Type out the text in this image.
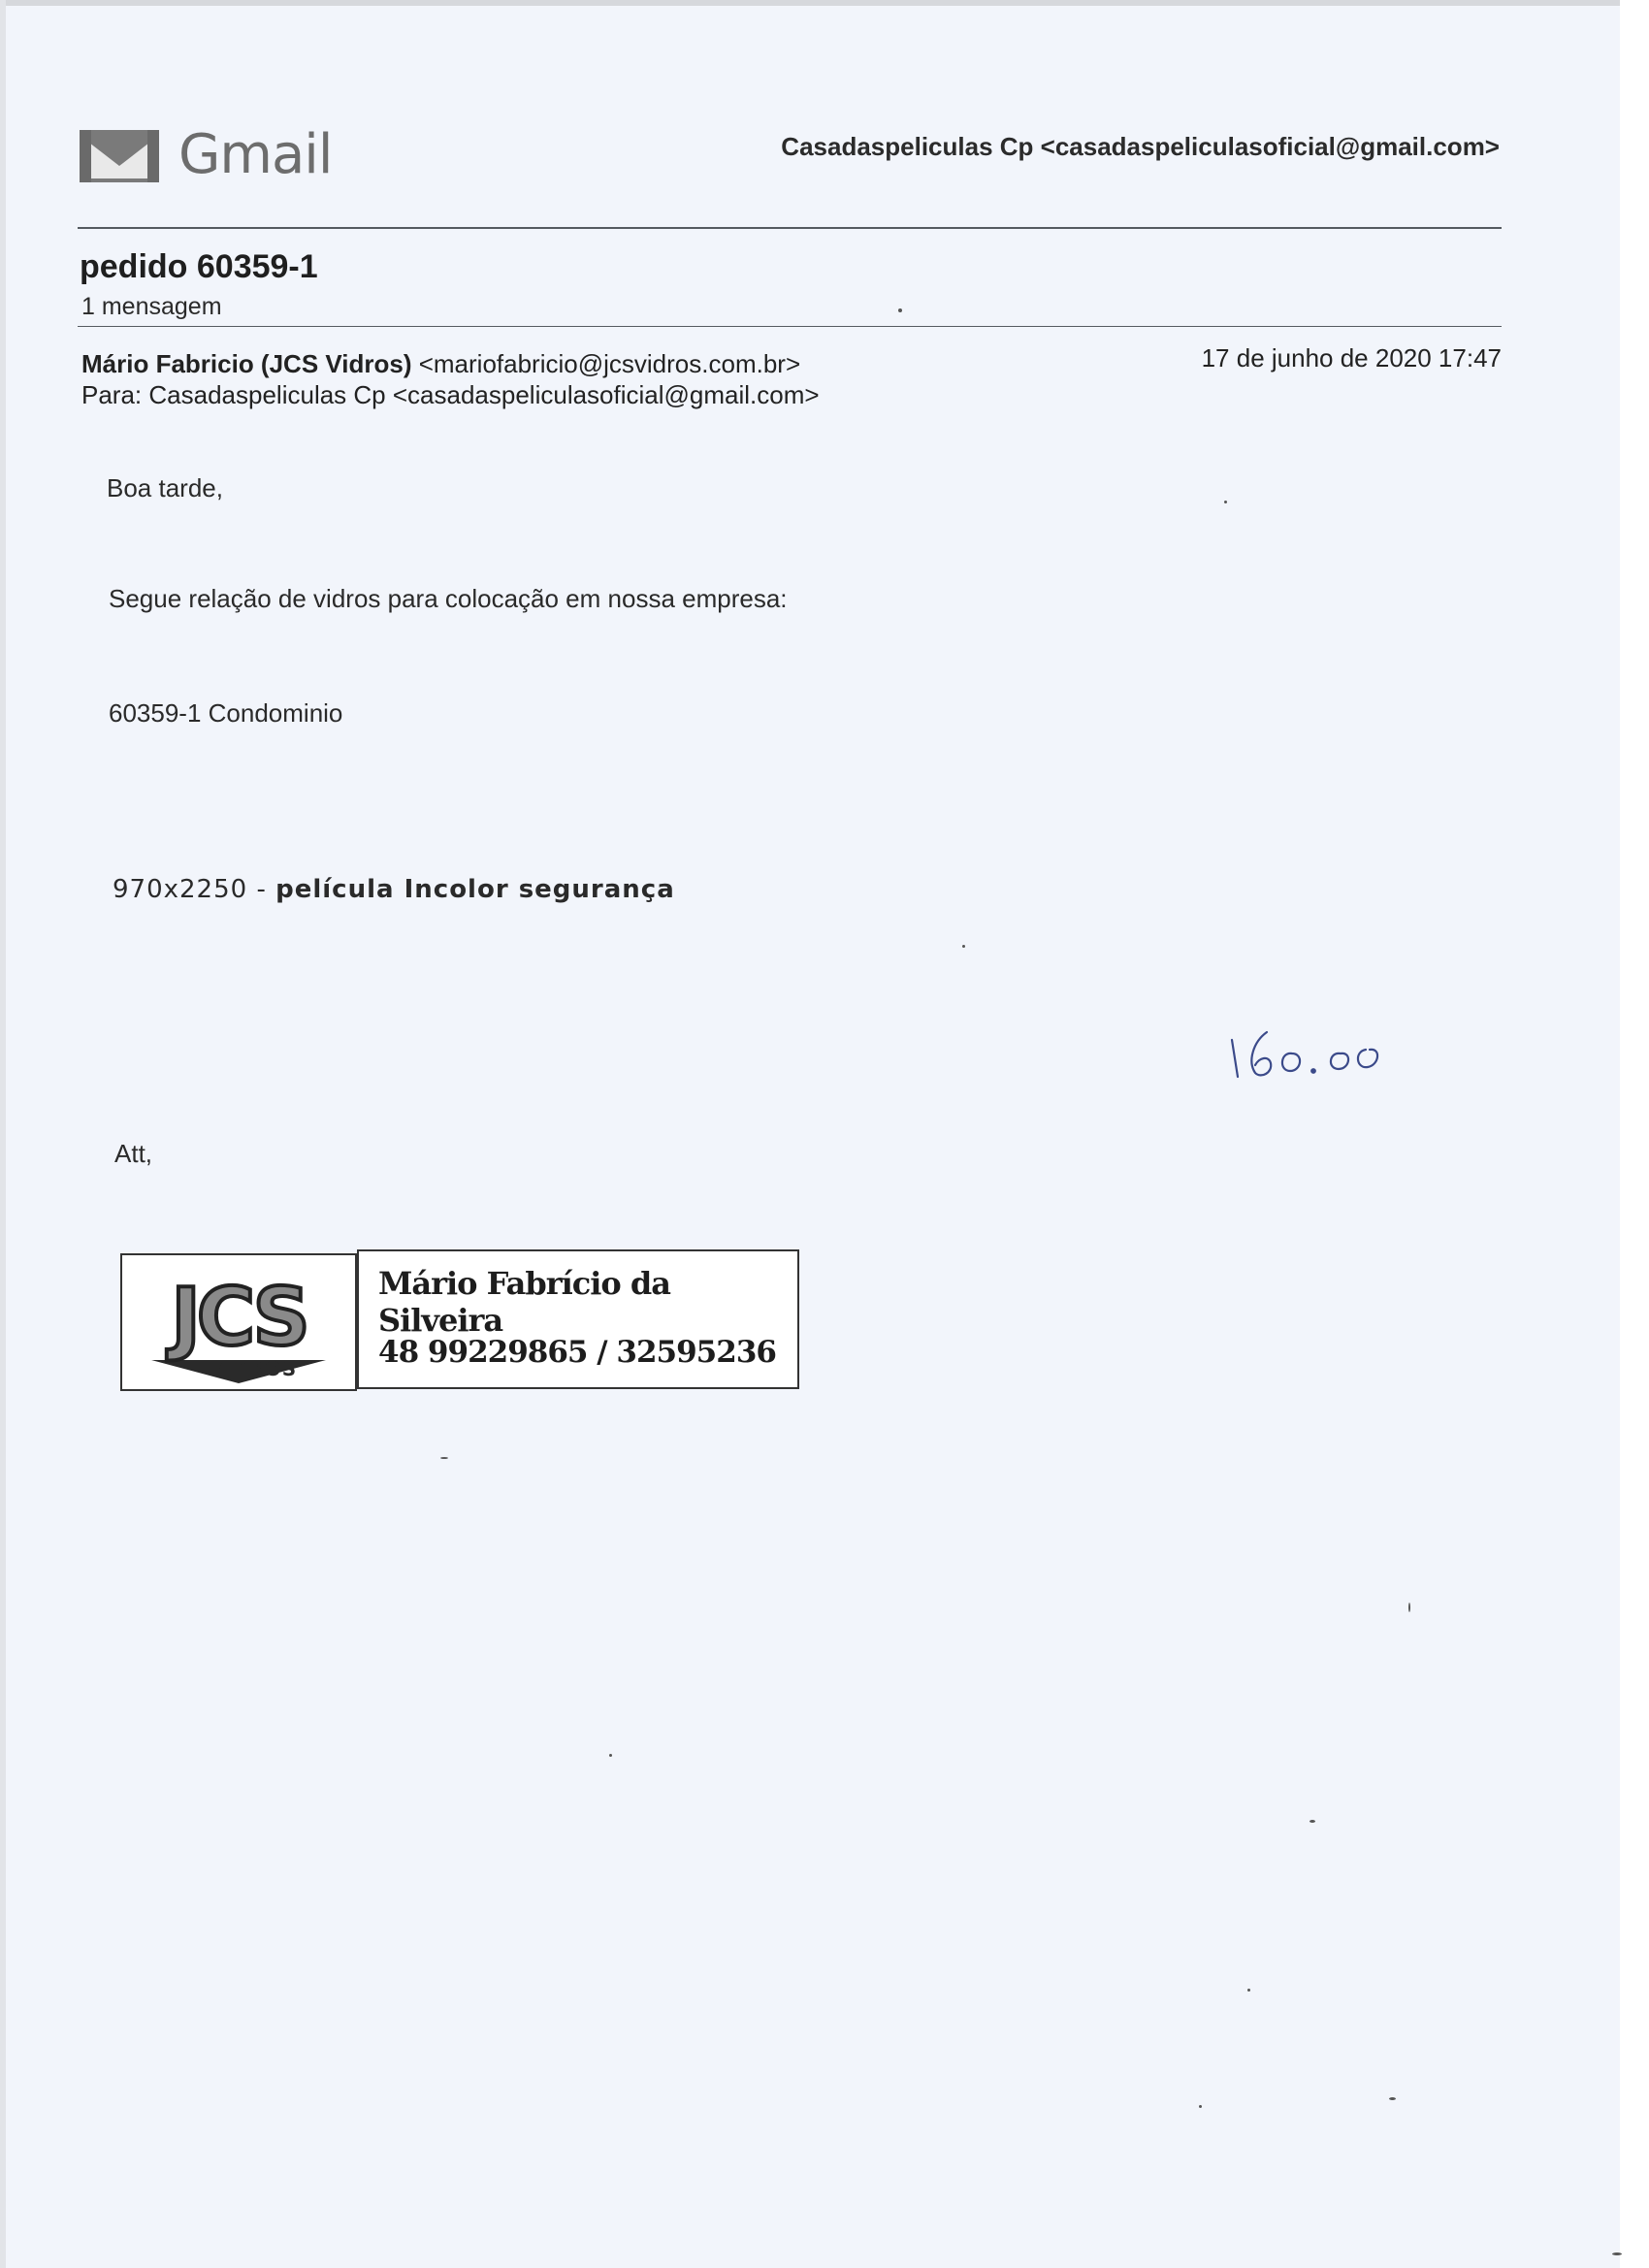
Gmail	Casadaspeliculas Cp <casadaspeliculasoficial@gmail.com>
pedido 60359-1
1 mensagem
Mário Fabricio (JCS Vidros) <mariofabricio@jcsvidros.com.br>
Para: Casadaspeliculas Cp <casadaspeliculasoficial@gmail.com>
17 de junho de 2020 17:47
Boa tarde,
Segue relação de vidros para colocação em nossa empresa:
60359-1 Condominio
970x2250 - película Incolor segurança
Att,
JCS
VIDROS
Mário Fabrício da Silveira
48 99229865 / 32595236
